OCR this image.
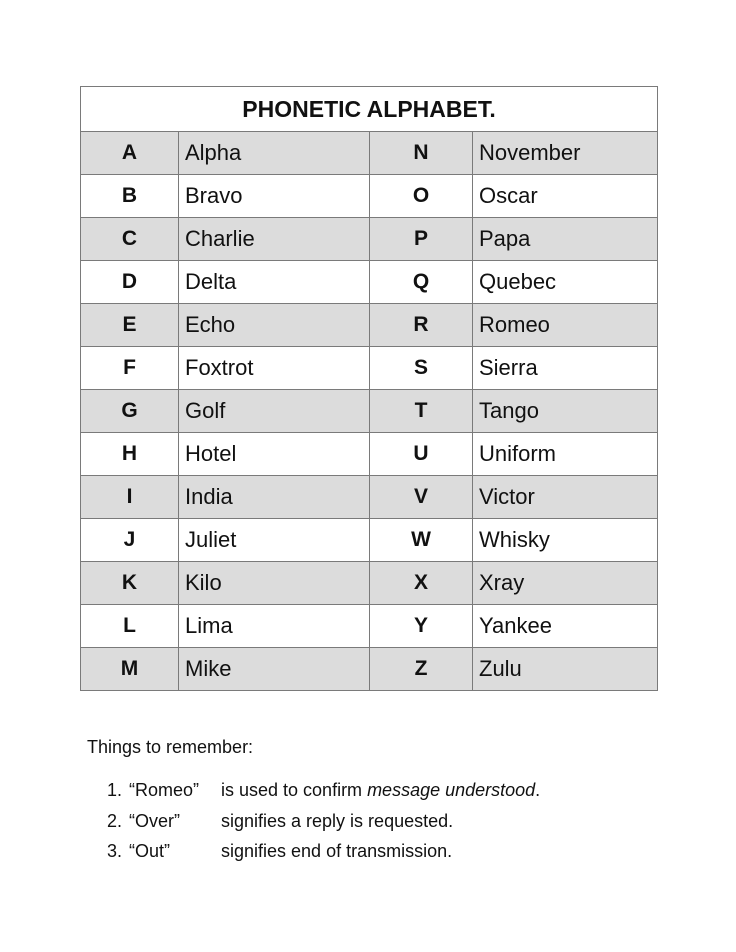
PHONETIC ALPHABET.			
A	Alpha	N	November
B	Bravo	O	Oscar
C	Charlie	P	Papa
D	Delta	Q	Quebec
E	Echo	R	Romeo
F	Foxtrot	S	Sierra
G	Golf	T	Tango
H	Hotel	U	Uniform
I	India	V	Victor
J	Juliet	W	Whisky
K	Kilo	X	Xray
L	Lima	Y	Yankee
M	Mike	Z	Zulu

Things to remember:

1. “Romeo” is used to confirm message understood.
2. “Over” signifies a reply is requested.
3. “Out”	signifies end of transmission.
